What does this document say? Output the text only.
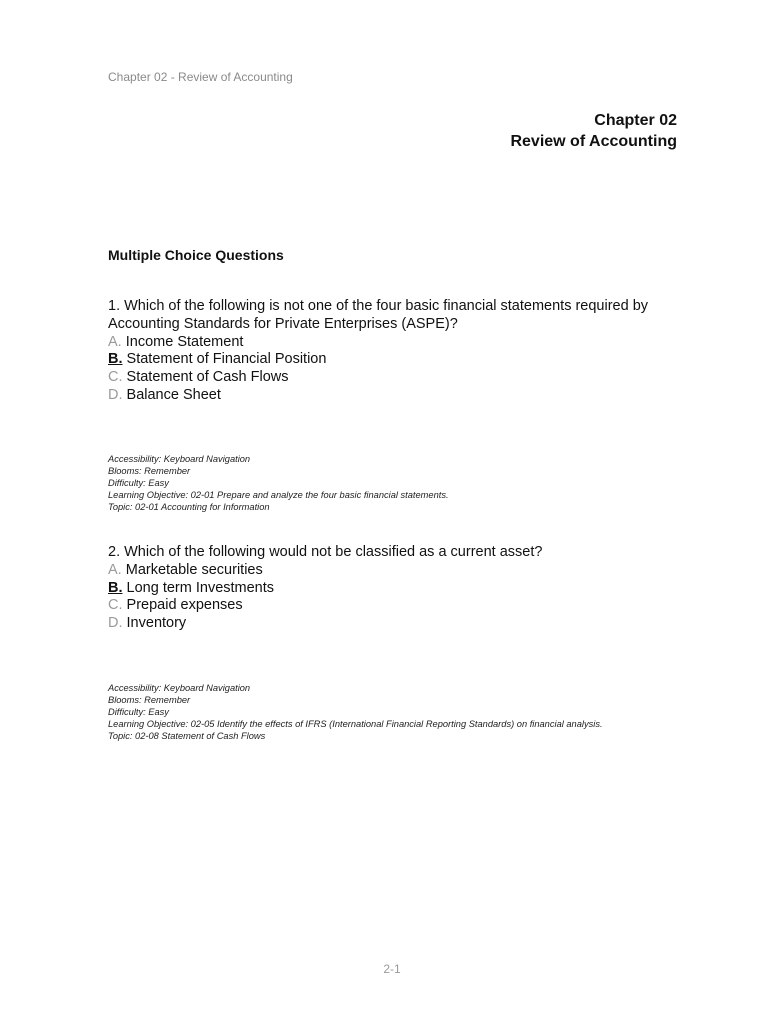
Chapter 02 - Review of Accounting
Chapter 02
Review of Accounting
Multiple Choice Questions

1. Which of the following is not one of the four basic financial statements required by Accounting Standards for Private Enterprises (ASPE)?

A. Income Statement

B. Statement of Financial Position

C. Statement of Cash Flows

D. Balance Sheet

Accessibility: Keyboard Navigation
Blooms: Remember
Difficulty: Easy
Learning Objective: 02-01 Prepare and analyze the four basic financial statements.
Topic: 02-01 Accounting for Information

2. Which of the following would not be classified as a current asset?

A. Marketable securities

B. Long term Investments

C. Prepaid expenses

D. Inventory

Accessibility: Keyboard Navigation
Blooms: Remember
Difficulty: Easy
Learning Objective: 02-05 Identify the effects of IFRS (International Financial Reporting Standards) on financial analysis.
Topic: 02-08 Statement of Cash Flows
2-1
